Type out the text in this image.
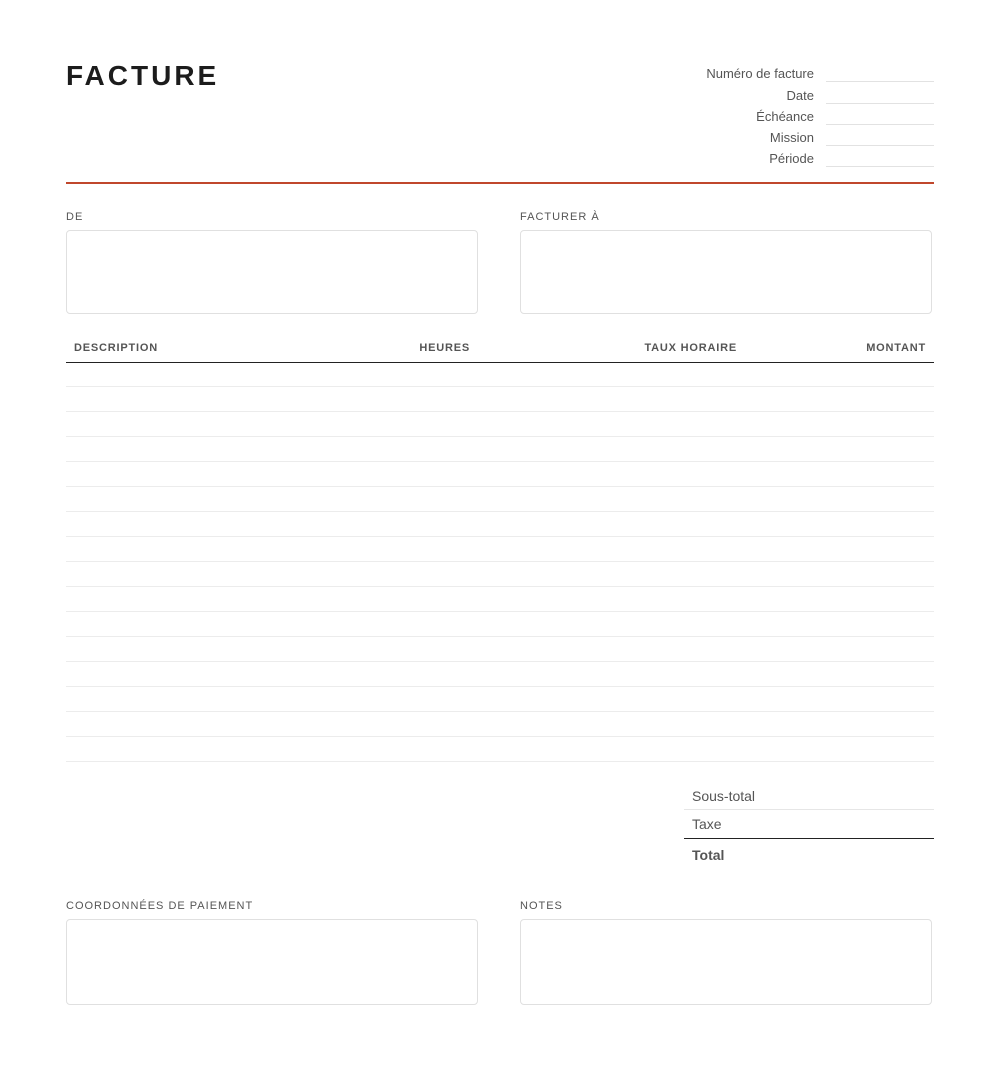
FACTURE	Numéro de facture
Date
Échéance
Mission
Période
DE	FACTURER À
DESCRIPTION	HEURES	TAUX HORAIRE	MONTANT
Sous-total
Taxe
Total
COORDONNÉES DE PAIEMENT	NOTES
